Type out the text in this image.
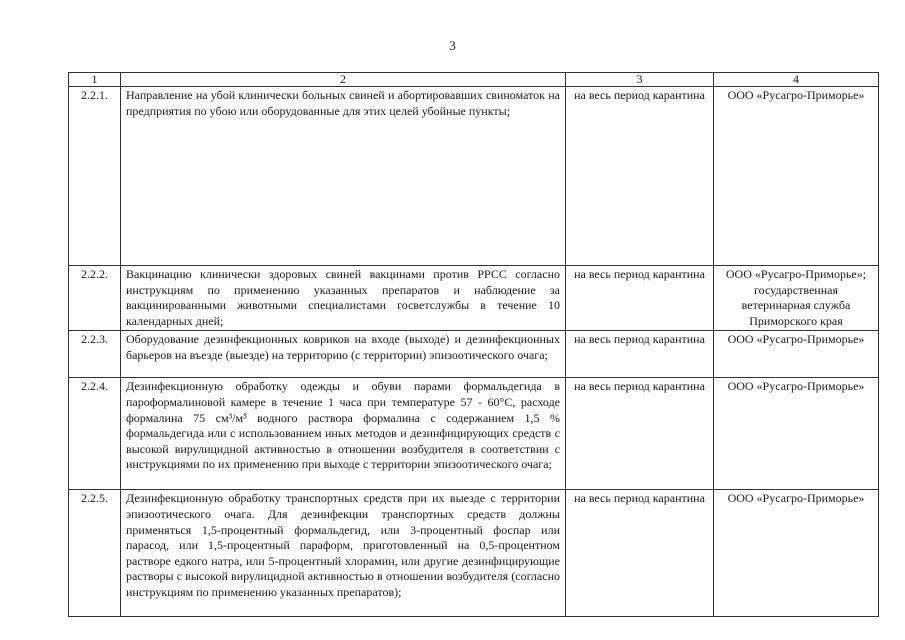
3
1	2	3	4
2.2.1.	Направление на убой клинически больных свиней и абортировавших свиноматок на предприятия по убою или оборудованные для этих целей убойные пункты;	на весь период карантина	ООО «Русагро-Приморье»
2.2.2.	Вакцинацию клинически здоровых свиней вакцинами против РРСС согласно инструкциям по применению указанных препаратов и наблюдение за вакцинированными животными специалистами госветслужбы в течение 10 календарных дней;	на весь период карантина	ООО «Русагро-Приморье»; государственная ветеринарная служба Приморского края
2.2.3.	Оборудование дезинфекционных ковриков на входе (выходе) и дезинфекционных барьеров на въезде (выезде) на территорию (с территории) эпизоотического очага;	на весь период карантина	ООО «Русагро-Приморье»
2.2.4.	Дезинфекционную обработку одежды и обуви парами формальдегида в пароформалиновой камере в течение 1 часа при температуре 57 - 60°С, расходе формалина 75 см³/м³ водного раствора формалина с содержанием 1,5 % формальдегида или с использованием иных методов и дезинфицирующих средств с высокой вирулицидной активностью в отношении возбудителя в соответствии с инструкциями по их применению при выходе с территории эпизоотического очага;	на весь период карантина	ООО «Русагро-Приморье»
2.2.5.	Дезинфекционную обработку транспортных средств при их выезде с территории эпизоотического очага. Для дезинфекции транспортных средств должны применяться 1,5-процентный формальдегид, или 3-процентный фоспар или парасод, или 1,5-процентный параформ, приготовленный на 0,5-процентном растворе едкого натра, или 5-процентный хлорамин, или другие дезинфицирующие растворы с высокой вирулицидной активностью в отношении возбудителя (согласно инструкциям по применению указанных препаратов);	на весь период карантина	ООО «Русагро-Приморье»
